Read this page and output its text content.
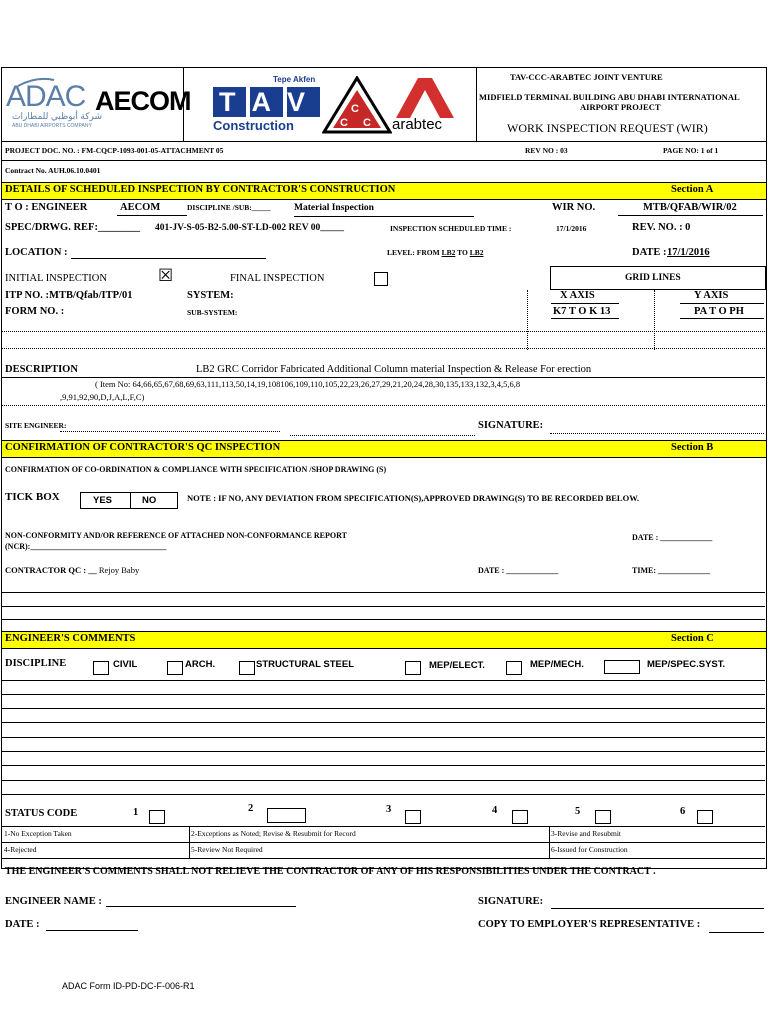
ADAC
شركة أبوظبي للمطارات
ABU DHABI AIRPORTS COMPANY
AECOM
Tepe Akfen
TAV
Construction
C
C C arabtec
TAV-CCC-ARABTEC JOINT VENTURE
MIDFIELD TERMINAL BUILDING ABU DHABI INTERNATIONAL
AIRPORT PROJECT
WORK INSPECTION REQUEST (WIR)
PROJECT DOC. NO. : FM-CQCP-1093-001-05-ATTACHMENT 05	REV NO : 03	PAGE NO: 1 of 1
Contract No. AUH.06.10.0401
DETAILS OF SCHEDULED INSPECTION BY CONTRACTOR'S CONSTRUCTION	Section A
T O : ENGINEER	AECOM	DISCIPLINE /SUB:_____ Material Inspection	WIR NO.	MTB/QFAB/WIR/02
SPEC/DRWG. REF:________ 401-JV-S-05-B2-5.00-ST-LD-002 REV 00_____	INSPECTION SCHEDULED TIME :	17/1/2016	REV. NO. : 0
LOCATION :	LEVEL: FROM LB2 TO LB2	DATE : 17/1/2016
INITIAL INSPECTION	☒	FINAL INSPECTION	GRID LINES
ITP NO. :MTB/Qfab/ITP/01	SYSTEM:	X AXIS	Y AXIS
FORM NO. :	SUB-SYSTEM:	K7 T O K 13	PA T O PH
DESCRIPTION	LB2 GRC Corridor Fabricated Additional Column material Inspection & Release For erection
( Item No: 64,66,65,67,68,69,63,111,113,50,14,19,108106,109,110,105,22,23,26,27,29,21,20,24,28,30,135,133,132,3,4,5,6,8
,9,91,92,90,D,J,A,L,F,C)
SITE ENGINEER:	SIGNATURE:
CONFIRMATION OF CONTRACTOR'S QC INSPECTION	Section B
CONFIRMATION OF CO-ORDINATION & COMPLIANCE WITH SPECIFICATION /SHOP DRAWING (S)
TICK BOX	YES	NO	NOTE : IF NO, ANY DEVIATION FROM SPECIFICATION(S),APPROVED DRAWING(S) TO BE RECORDED BELOW.
NON-CONFORMITY AND/OR REFERENCE OF ATTACHED NON-CONFORMANCE REPORT
(NCR):__________________________________
DATE : _____________
CONTRACTOR QC : __ Rejoy Baby	DATE : _____________	TIME: _____________
ENGINEER'S COMMENTS	Section C
DISCIPLINE	CIVIL	ARCH.	STRUCTURAL STEEL	MEP/ELECT.	MEP/MECH.	MEP/SPEC.SYST.
STATUS CODE	1	2	3	4	5	6
1-No Exception Taken	2-Exceptions as Noted; Revise & Resubmit for Record	3-Revise and Resubmit
4-Rejected	5-Review Not Required	6-Issued for Construction
THE ENGINEER'S COMMENTS SHALL NOT RELIEVE THE CONTRACTOR OF ANY OF HIS RESPONSIBILITIES UNDER THE CONTRACT .
ENGINEER NAME :	SIGNATURE:
DATE :	COPY TO EMPLOYER'S REPRESENTATIVE :
ADAC Form ID-PD-DC-F-006-R1
